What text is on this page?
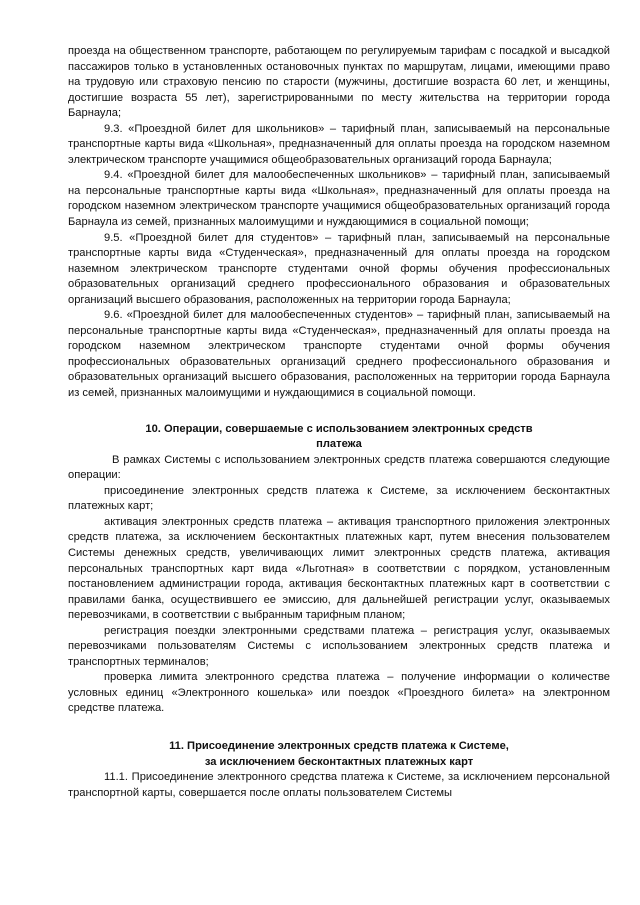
проезда на общественном транспорте, работающем по регулируемым тарифам с посадкой и высадкой пассажиров только в установленных остановочных пунктах по маршрутам, лицами, имеющими право на трудовую или страховую пенсию по старости (мужчины, достигшие возраста 60 лет, и женщины, достигшие возраста 55 лет), зарегистрированными по месту жительства на территории города Барнаула;

9.3. «Проездной билет для школьников» – тарифный план, записываемый на персональные транспортные карты вида «Школьная», предназначенный для оплаты проезда на городском наземном электрическом транспорте учащимися общеобразовательных организаций города Барнаула;

9.4. «Проездной билет для малообеспеченных школьников» – тарифный план, записываемый на персональные транспортные карты вида «Школьная», предназначенный для оплаты проезда на городском наземном электрическом транспорте учащимися общеобразовательных организаций города Барнаула из семей, признанных малоимущими и нуждающимися в социальной помощи;

9.5. «Проездной билет для студентов» – тарифный план, записываемый на персональные транспортные карты вида «Студенческая», предназначенный для оплаты проезда на городском наземном электрическом транспорте студентами очной формы обучения профессиональных образовательных организаций среднего профессионального образования и образовательных организаций высшего образования, расположенных на территории города Барнаула;

9.6. «Проездной билет для малообеспеченных студентов» – тарифный план, записываемый на персональные транспортные карты вида «Студенческая», предназначенный для оплаты проезда на городском наземном электрическом транспорте студентами очной формы обучения профессиональных образовательных организаций среднего профессионального образования и образовательных организаций высшего образования, расположенных на территории города Барнаула из семей, признанных малоимущими и нуждающимися в социальной помощи.

10. Операции, совершаемые с использованием электронных средств

платежа

В рамках Системы с использованием электронных средств платежа совершаются следующие операции:

присоединение электронных средств платежа к Системе, за исключением бесконтактных платежных карт;

активация электронных средств платежа – активация транспортного приложения электронных средств платежа, за исключением бесконтактных платежных карт, путем внесения пользователем Системы денежных средств, увеличивающих лимит электронных средств платежа, активация персональных транспортных карт вида «Льготная» в соответствии с порядком, установленным постановлением администрации города, активация бесконтактных платежных карт в соответствии с правилами банка, осуществившего ее эмиссию, для дальнейшей регистрации услуг, оказываемых перевозчиками, в соответствии с выбранным тарифным планом;

регистрация поездки электронными средствами платежа – регистрация услуг, оказываемых перевозчиками пользователям Системы с использованием электронных средств платежа и транспортных терминалов;

проверка лимита электронного средства платежа – получение информации о количестве условных единиц «Электронного кошелька» или поездок «Проездного билета» на электронном средстве платежа.

11. Присоединение электронных средств платежа к Системе,

за исключением бесконтактных платежных карт

11.1. Присоединение электронного средства платежа к Системе, за исключением персональной транспортной карты, совершается после оплаты пользователем Системы
